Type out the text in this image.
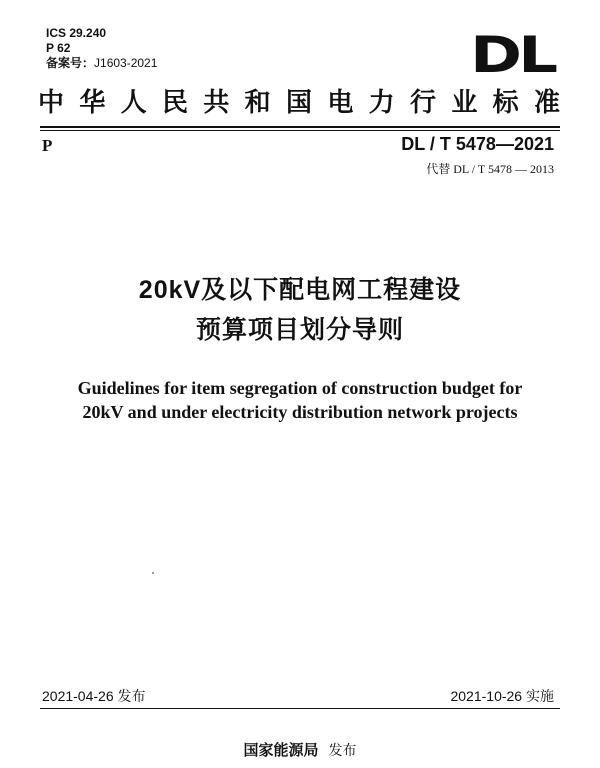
ICS 29.240
P 62
备案号：J1603-2021	DL
中华人民共和国电力行业标准
P	DL / T 5478—2021
代替 DL / T 5478 — 2013
20kV及以下配电网工程建设
预算项目划分导则
Guidelines for item segregation of construction budget for
20kV and under electricity distribution network projects
2021-04-26 发布	2021-10-26 实施
国家能源局 发布
